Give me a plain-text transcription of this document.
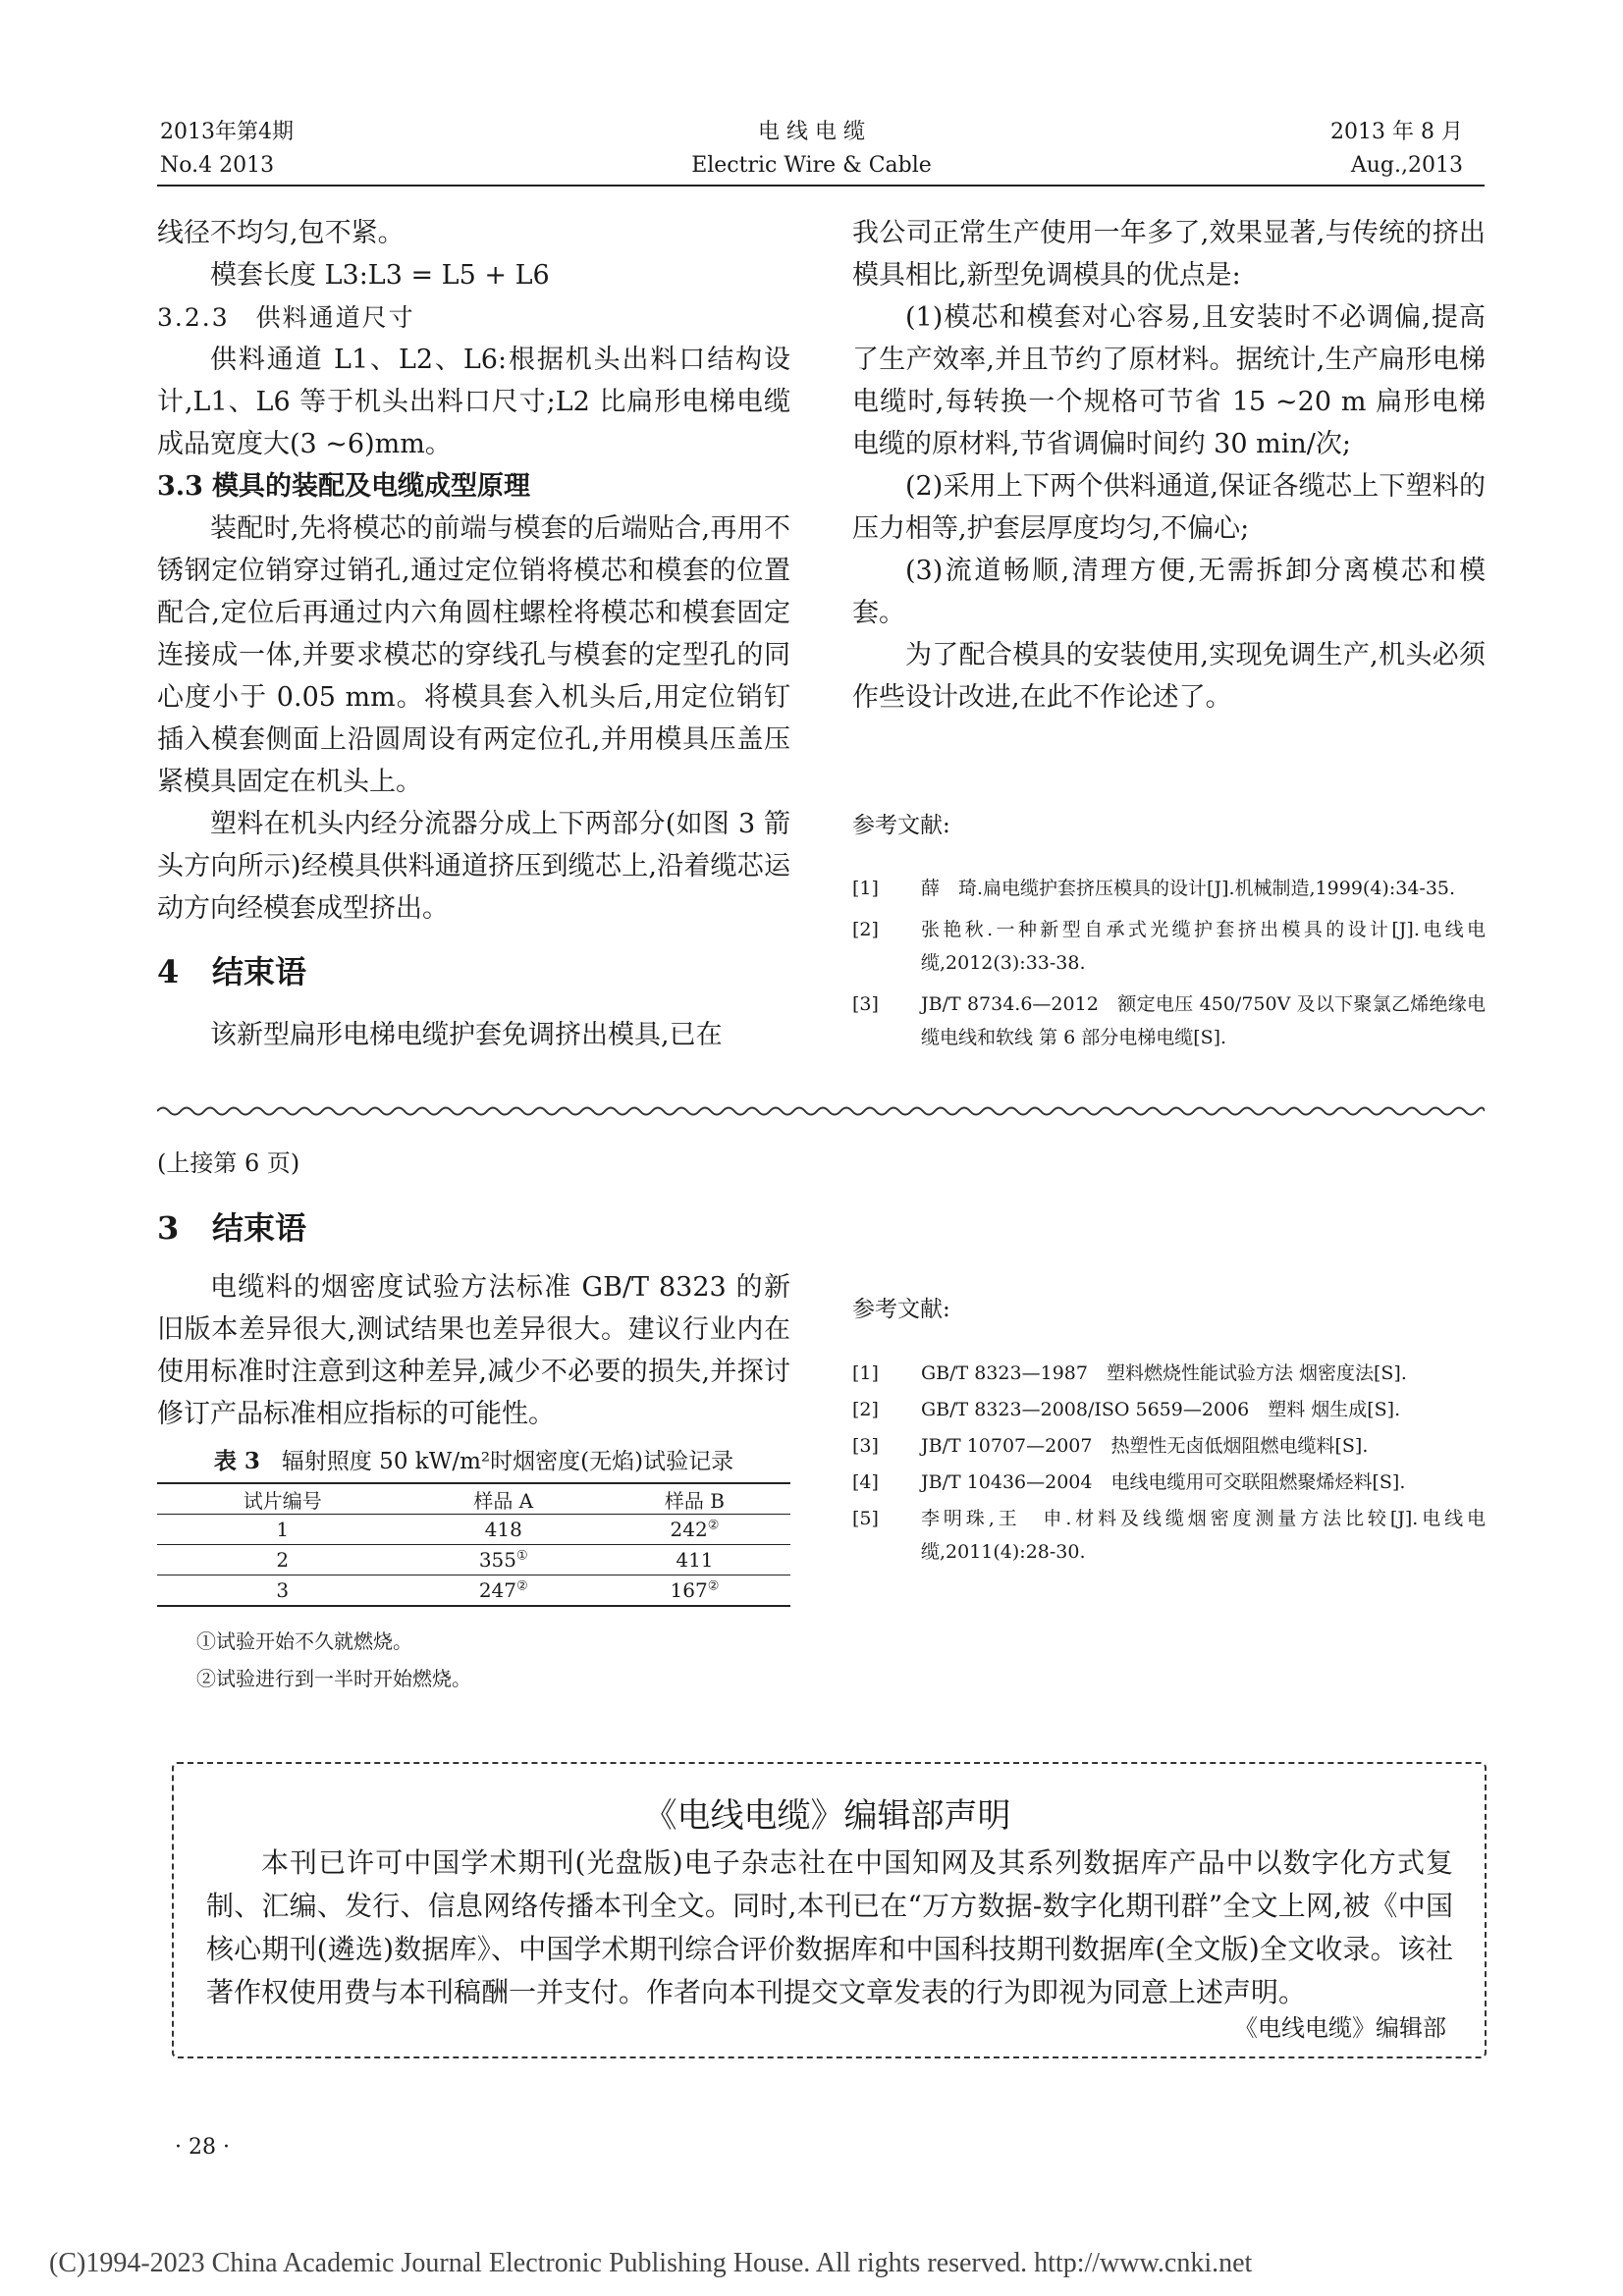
2013年第4期
No.4 2013
电 线 电 缆
Electric Wire & Cable
2013 年 8 月
Aug.,2013

线径不均匀,包不紧。

模套长度 L3:L3 = L5 + L6

3.2.3　供料通道尺寸

供料通道 L1、L2、L6:根据机头出料口结构设计,L1、L6 等于机头出料口尺寸;L2 比扁形电梯电缆成品宽度大(3 ~6)mm。

3.3 模具的装配及电缆成型原理

装配时,先将模芯的前端与模套的后端贴合,再用不锈钢定位销穿过销孔,通过定位销将模芯和模套的位置配合,定位后再通过内六角圆柱螺栓将模芯和模套固定连接成一体,并要求模芯的穿线孔与模套的定型孔的同心度小于 0.05 mm。将模具套入机头后,用定位销钉插入模套侧面上沿圆周设有两定位孔,并用模具压盖压紧模具固定在机头上。

塑料在机头内经分流器分成上下两部分(如图 3 箭头方向所示)经模具供料通道挤压到缆芯上,沿着缆芯运动方向经模套成型挤出。

4 结束语

该新型扁形电梯电缆护套免调挤出模具,已在

我公司正常生产使用一年多了,效果显著,与传统的挤出模具相比,新型免调模具的优点是:

(1)模芯和模套对心容易,且安装时不必调偏,提高了生产效率,并且节约了原材料。据统计,生产扁形电梯电缆时,每转换一个规格可节省 15 ~20 m 扁形电梯电缆的原材料,节省调偏时间约 30 min/次;

(2)采用上下两个供料通道,保证各缆芯上下塑料的压力相等,护套层厚度均匀,不偏心;

(3)流道畅顺,清理方便,无需拆卸分离模芯和模套。

为了配合模具的安装使用,实现免调生产,机头必须作些设计改进,在此不作论述了。

参考文献:
[1] 薛　琦.扁电缆护套挤压模具的设计[J].机械制造,1999(4):34-35.
[2] 张艳秋.一种新型自承式光缆护套挤出模具的设计[J].电线电缆,2012(3):33-38.
[3] JB/T 8734.6—2012　额定电压 450/750V 及以下聚氯乙烯绝缘电缆电线和软线 第 6 部分电梯电缆[S].
(上接第 6 页)
3 结束语

电缆料的烟密度试验方法标准 GB/T 8323 的新旧版本差异很大,测试结果也差异很大。建议行业内在使用标准时注意到这种差异,减少不必要的损失,并探讨修订产品标准相应指标的可能性。

表 3 辐射照度 50 kW/m²时烟密度(无焰)试验记录
试片编号	样品 A	样品 B
1	418	242②
2	355①	411
3	247②	167②
①试验开始不久就燃烧。
②试验进行到一半时开始燃烧。
参考文献:
[1] GB/T 8323—1987　塑料燃烧性能试验方法 烟密度法[S].
[2] GB/T 8323—2008/ISO 5659—2006　塑料 烟生成[S].
[3] JB/T 10707—2007　热塑性无卤低烟阻燃电缆料[S].
[4] JB/T 10436—2004　电线电缆用可交联阻燃聚烯烃料[S].
[5] 李明珠,王　申.材料及线缆烟密度测量方法比较[J].电线电缆,2011(4):28-30.
《电线电缆》编辑部声明

本刊已许可中国学术期刊(光盘版)电子杂志社在中国知网及其系列数据库产品中以数字化方式复制、汇编、发行、信息网络传播本刊全文。同时,本刊已在“万方数据-数字化期刊群”全文上网,被《中国核心期刊(遴选)数据库》、中国学术期刊综合评价数据库和中国科技期刊数据库(全文版)全文收录。该社著作权使用费与本刊稿酬一并支付。作者向本刊提交文章发表的行为即视为同意上述声明。

《电线电缆》编辑部
· 28 ·
(C)1994-2023 China Academic Journal Electronic Publishing House. All rights reserved. http://www.cnki.net
